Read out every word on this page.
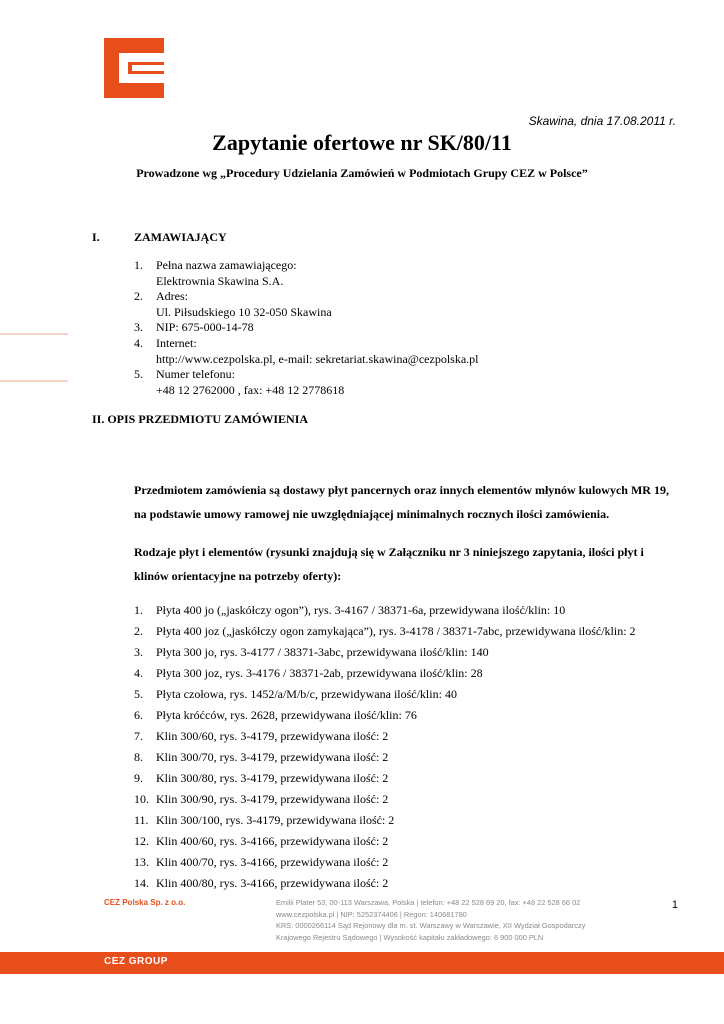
Skawina, dnia 17.08.2011 r.
Zapytanie ofertowe nr SK/80/11
Prowadzone wg „Procedury Udzielania Zamówień w Podmiotach Grupy CEZ w Polsce”
I.	ZAMAWIAJĄCY
1.	Pełna nazwa zamawiającego:
Elektrownia Skawina S.A.
2.	Adres:
Ul. Piłsudskiego 10 32-050 Skawina
3.	NIP: 675-000-14-78
4.	Internet:
http://www.cezpolska.pl, e-mail: sekretariat.skawina@cezpolska.pl
5.	Numer telefonu:
+48 12 2762000 , fax: +48 12 2778618
II. OPIS PRZEDMIOTU ZAMÓWIENIA
Przedmiotem zamówienia są dostawy płyt pancernych oraz innych elementów młynów kulowych MR 19, na podstawie umowy ramowej nie uwzględniającej minimalnych rocznych ilości zamówienia.
Rodzaje płyt i elementów (rysunki znajdują się w Załączniku nr 3 niniejszego zapytania, ilości płyt i klinów orientacyjne na potrzeby oferty):
1.	Płyta 400 jo („jaskółczy ogon”), rys. 3-4167 / 38371-6a, przewidywana ilość/klin: 10
2.	Płyta 400 joz („jaskółczy ogon zamykająca”), rys. 3-4178 / 38371-7abc, przewidywana ilość/klin: 2
3.	Płyta 300 jo, rys. 3-4177 / 38371-3abc, przewidywana ilość/klin: 140
4.	Płyta 300 joz, rys. 3-4176 / 38371-2ab, przewidywana ilość/klin: 28
5.	Płyta czołowa, rys. 1452/a/M/b/c, przewidywana ilość/klin: 40
6.	Płyta króćców, rys. 2628, przewidywana ilość/klin: 76
7.	Klin 300/60, rys. 3-4179, przewidywana ilość: 2
8.	Klin 300/70, rys. 3-4179, przewidywana ilość: 2
9.	Klin 300/80, rys. 3-4179, przewidywana ilość: 2
10. Klin 300/90, rys. 3-4179, przewidywana ilość: 2
11. Klin 300/100, rys. 3-4179, przewidywana ilość: 2
12. Klin 400/60, rys. 3-4166, przewidywana ilość: 2
13. Klin 400/70, rys. 3-4166, przewidywana ilość: 2
14. Klin 400/80, rys. 3-4166, przewidywana ilość: 2
1
CEZ Polska Sp. z o.o.	Emilii Plater 53, 00-113 Warszawa, Polska | telefon: +48 22 528 69 20, fax: +48 22 528 66 02
www.cezpolska.pl | NIP: 5252374406 | Regon: 140681780
KRS: 0000266114 Sąd Rejonowy dla m. st. Warszawy w Warszawie, XII Wydział Gospodarczy
Krajowego Rejestru Sądowego | Wysokość kapitału zakładowego: 6 900 000 PLN
CEZ GROUP
